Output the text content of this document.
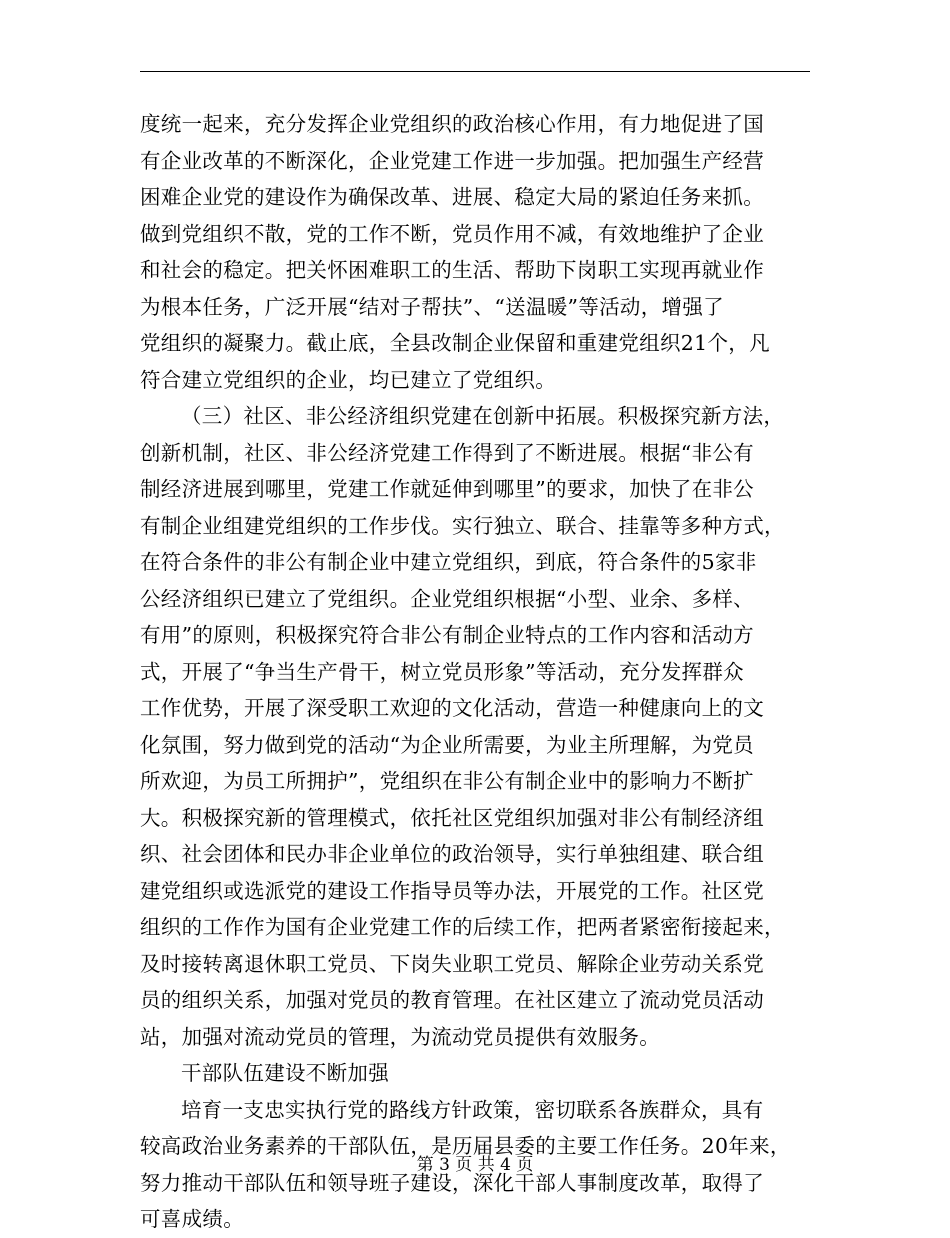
度统一起来，充分发挥企业党组织的政治核心作用，有力地促进了国
有企业改革的不断深化，企业党建工作进一步加强。把加强生产经营
困难企业党的建设作为确保改革、进展、稳定大局的紧迫任务来抓。
做到党组织不散，党的工作不断，党员作用不减，有效地维护了企业
和社会的稳定。把关怀困难职工的生活、帮助下岗职工实现再就业作
为根本任务，广泛开展“结对子帮扶”、“送温暖”等活动，增强了
党组织的凝聚力。截止底，全县改制企业保留和重建党组织21个，凡
符合建立党组织的企业，均已建立了党组织。
（三）社区、非公经济组织党建在创新中拓展。积极探究新方法，
创新机制，社区、非公经济党建工作得到了不断进展。根据“非公有
制经济进展到哪里，党建工作就延伸到哪里”的要求，加快了在非公
有制企业组建党组织的工作步伐。实行独立、联合、挂靠等多种方式，
在符合条件的非公有制企业中建立党组织，到底，符合条件的5家非
公经济组织已建立了党组织。企业党组织根据“小型、业余、多样、
有用”的原则，积极探究符合非公有制企业特点的工作内容和活动方
式，开展了“争当生产骨干，树立党员形象”等活动，充分发挥群众
工作优势，开展了深受职工欢迎的文化活动，营造一种健康向上的文
化氛围，努力做到党的活动“为企业所需要，为业主所理解，为党员
所欢迎，为员工所拥护”，党组织在非公有制企业中的影响力不断扩
大。积极探究新的管理模式，依托社区党组织加强对非公有制经济组
织、社会团体和民办非企业单位的政治领导，实行单独组建、联合组
建党组织或选派党的建设工作指导员等办法，开展党的工作。社区党
组织的工作作为国有企业党建工作的后续工作，把两者紧密衔接起来，
及时接转离退休职工党员、下岗失业职工党员、解除企业劳动关系党
员的组织关系，加强对党员的教育管理。在社区建立了流动党员活动
站，加强对流动党员的管理，为流动党员提供有效服务。
干部队伍建设不断加强
培育一支忠实执行党的路线方针政策，密切联系各族群众，具有
较高政治业务素养的干部队伍，是历届县委的主要工作任务。20年来，
努力推动干部队伍和领导班子建设，深化干部人事制度改革，取得了
可喜成绩。
第 3 页 共 4 页
